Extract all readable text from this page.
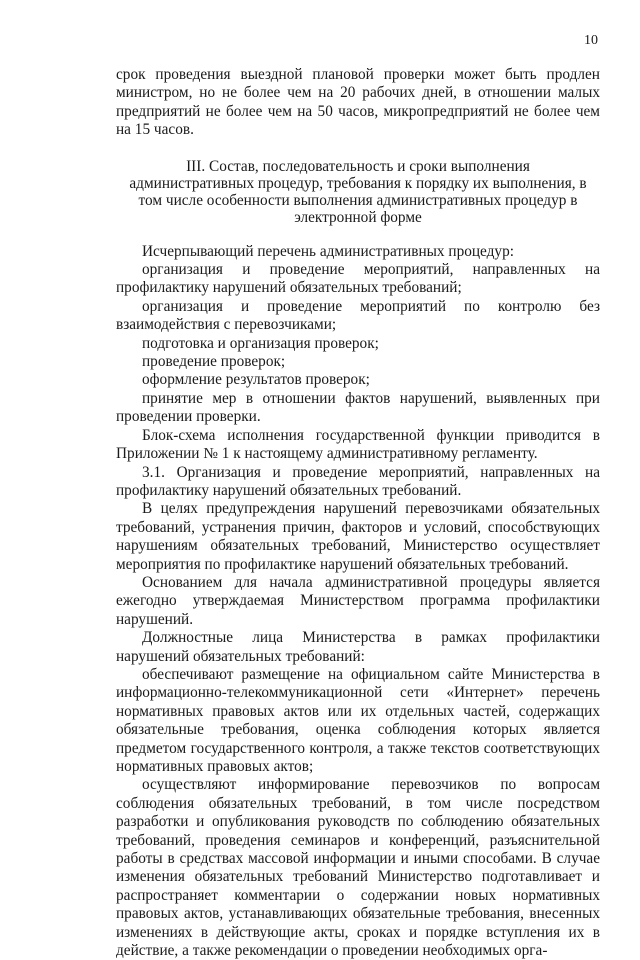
10

срок проведения выездной плановой проверки может быть продлен министром, но не более чем на 20 рабочих дней, в отношении малых предприятий не более чем на 50 часов, микропредприятий не более чем на 15 часов.

III. Состав, последовательность и сроки выполнения административных процедур, требования к порядку их выполнения, в том числе особенности выполнения административных процедур в электронной форме

Исчерпывающий перечень административных процедур:

организация и проведение мероприятий, направленных на профилактику нарушений обязательных требований;

организация и проведение мероприятий по контролю без взаимодействия с перевозчиками;

подготовка и организация проверок;

проведение проверок;

оформление результатов проверок;

принятие мер в отношении фактов нарушений, выявленных при проведении проверки.

Блок-схема исполнения государственной функции приводится в Приложении № 1 к настоящему административному регламенту.

3.1. Организация и проведение мероприятий, направленных на профилактику нарушений обязательных требований.

В целях предупреждения нарушений перевозчиками обязательных требований, устранения причин, факторов и условий, способствующих нарушениям обязательных требований, Министерство осуществляет мероприятия по профилактике нарушений обязательных требований.

Основанием для начала административной процедуры является ежегодно утверждаемая Министерством программа профилактики нарушений.

Должностные лица Министерства в рамках профилактики нарушений обязательных требований:

обеспечивают размещение на официальном сайте Министерства в информационно-телекоммуникационной сети «Интернет» перечень нормативных правовых актов или их отдельных частей, содержащих обязательные требования, оценка соблюдения которых является предметом государственного контроля, а также текстов соответствующих нормативных правовых актов;

осуществляют информирование перевозчиков по вопросам соблюдения обязательных требований, в том числе посредством разработки и опубликования руководств по соблюдению обязательных требований, проведения семинаров и конференций, разъяснительной работы в средствах массовой информации и иными способами. В случае изменения обязательных требований Министерство подготавливает и распространяет комментарии о содержании новых нормативных правовых актов, устанавливающих обязательные требования, внесенных изменениях в действующие акты, сроках и порядке вступления их в действие, а также рекомендации о проведении необходимых орга-
